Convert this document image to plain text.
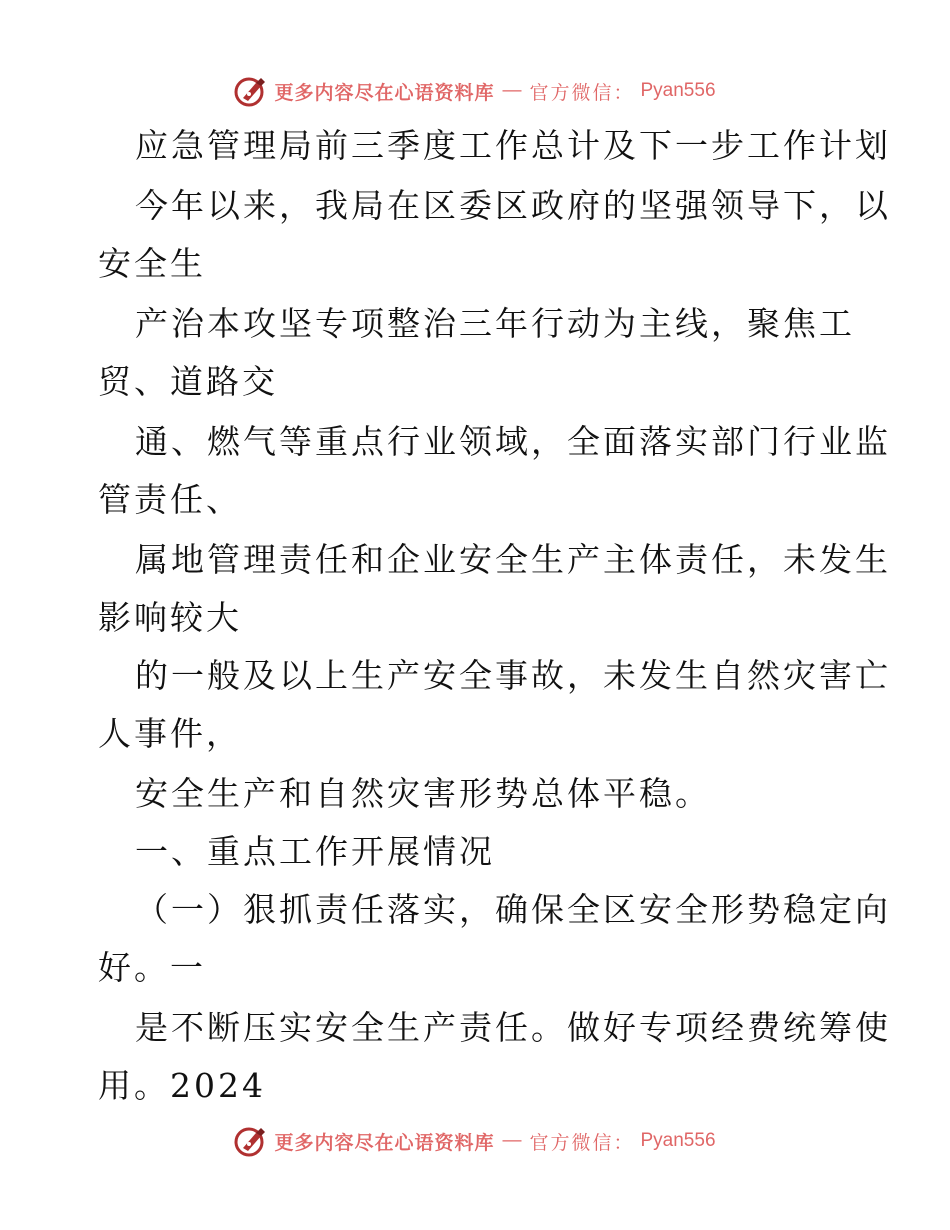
更多内容尽在心语资料库 — 官方微信： Pyan556
应急管理局前三季度工作总计及下一步工作计划
今年以来，我局在区委区政府的坚强领导下，以
安全生
产治本攻坚专项整治三年行动为主线，聚焦工
贸、道路交
通、燃气等重点行业领域，全面落实部门行业监
管责任、
属地管理责任和企业安全生产主体责任，未发生
影响较大
的一般及以上生产安全事故，未发生自然灾害亡
人事件，
安全生产和自然灾害形势总体平稳。
一、重点工作开展情况
（一）狠抓责任落实，确保全区安全形势稳定向
好。一
是不断压实安全生产责任。做好专项经费统筹使
用。2024
更多内容尽在心语资料库 — 官方微信： Pyan556
